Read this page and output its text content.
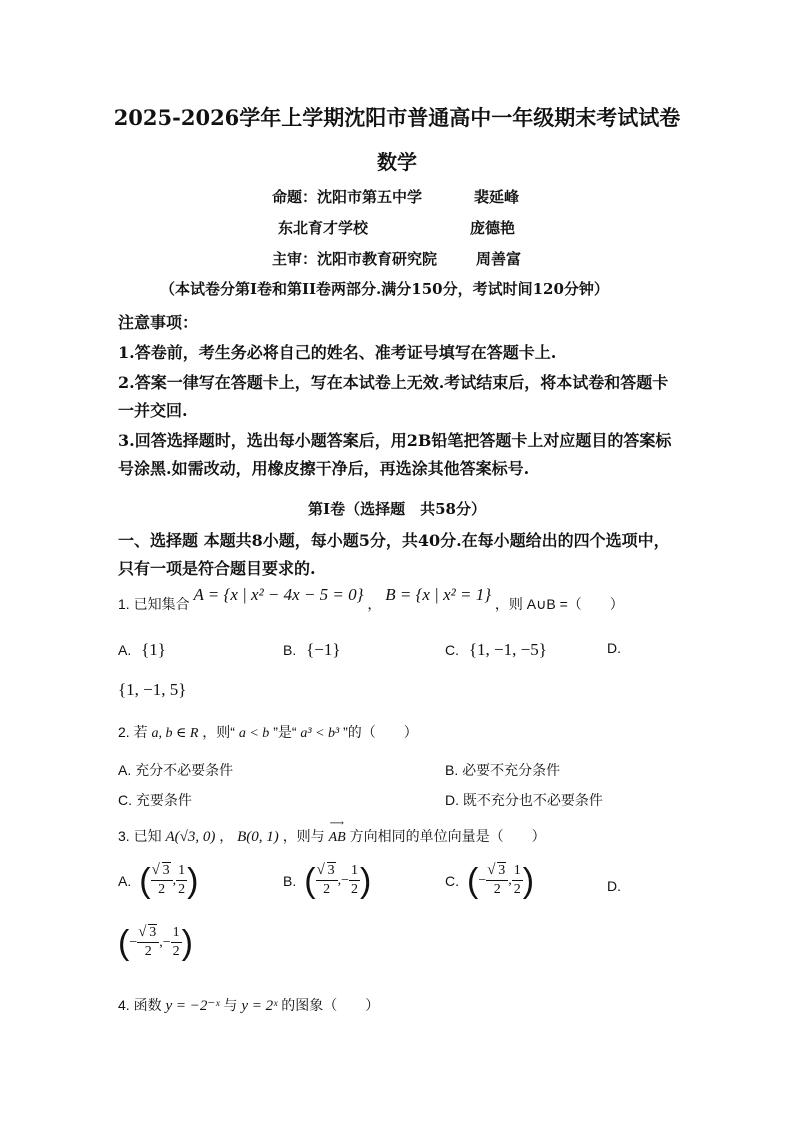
2025-2026学年上学期沈阳市普通高中一年级期末考试试卷
数学
命题：沈阳市第五中学	裴延峰
东北育才学校	庞德艳
主审：沈阳市教育研究院	周善富
（本试卷分第I卷和第II卷两部分.满分150分，考试时间120分钟）
注意事项：
1.答卷前，考生务必将自己的姓名、准考证号填写在答题卡上.
2.答案一律写在答题卡上，写在本试卷上无效.考试结束后，将本试卷和答题卡一并交回.
3.回答选择题时，选出每小题答案后，用2B铅笔把答题卡上对应题目的答案标号涂黑.如需改动，用橡皮擦干净后，再选涂其他答案标号.
第I卷（选择题　共58分）
一、选择题 本题共8小题，每小题5分，共40分.在每小题给出的四个选项中，只有一项是符合题目要求的.
1. 已知集合 A = {x | x² − 4x − 5 = 0} ， B = {x | x² = 1} ，则 A∪B =（　　）
A. {1}	B. {−1}	C. {1, −1, −5}	D.
{1, −1, 5}
2. 若 a, b ∈ R ，则“ a < b ”是“ a³ < b³ ”的（　　）
A. 充分不必要条件	B. 必要不充分条件
C. 充要条件	D. 既不充分也不必要条件
3. 已知 A(√3, 0) ， B(0, 1) ，则与
⟶
AB 方向相同的单位向量是（　　）
A. ( √ $\frac{3}{2}$ , $\frac{1}{2}$ )	B. ( √ $\frac{3}{2}$ , − $\frac{1}{2}$ )	C. ( − √ $\frac{3}{2}$ , $\frac{1}{2}$ )	D.
( − √ $\frac{3}{2}$ , − $\frac{1}{2}$ )
4. 函数 y = −2⁻ˣ 与 y = 2ˣ 的图象（　　）
